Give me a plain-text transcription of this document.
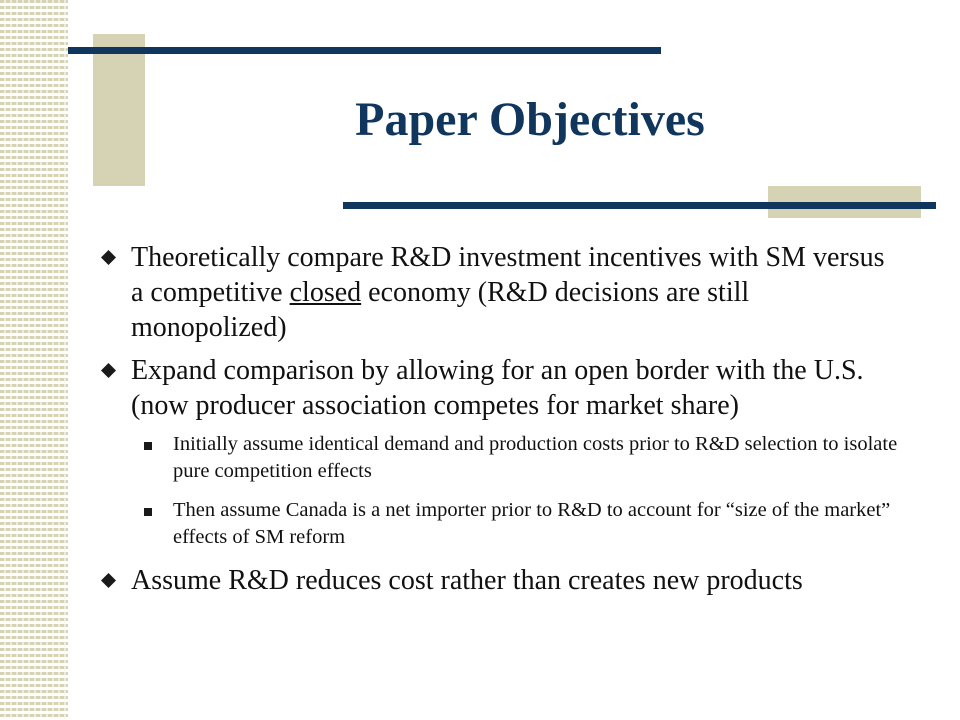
Paper Objectives
Theoretically compare R&D investment incentives with SM versus a competitive closed economy (R&D decisions are still monopolized)
Expand comparison by allowing for an open border with the U.S. (now producer association competes for market share)
Initially assume identical demand and production costs prior to R&D selection to isolate pure competition effects
Then assume Canada is a net importer prior to R&D to account for “size of the market” effects of SM reform
Assume R&D reduces cost rather than creates new products
